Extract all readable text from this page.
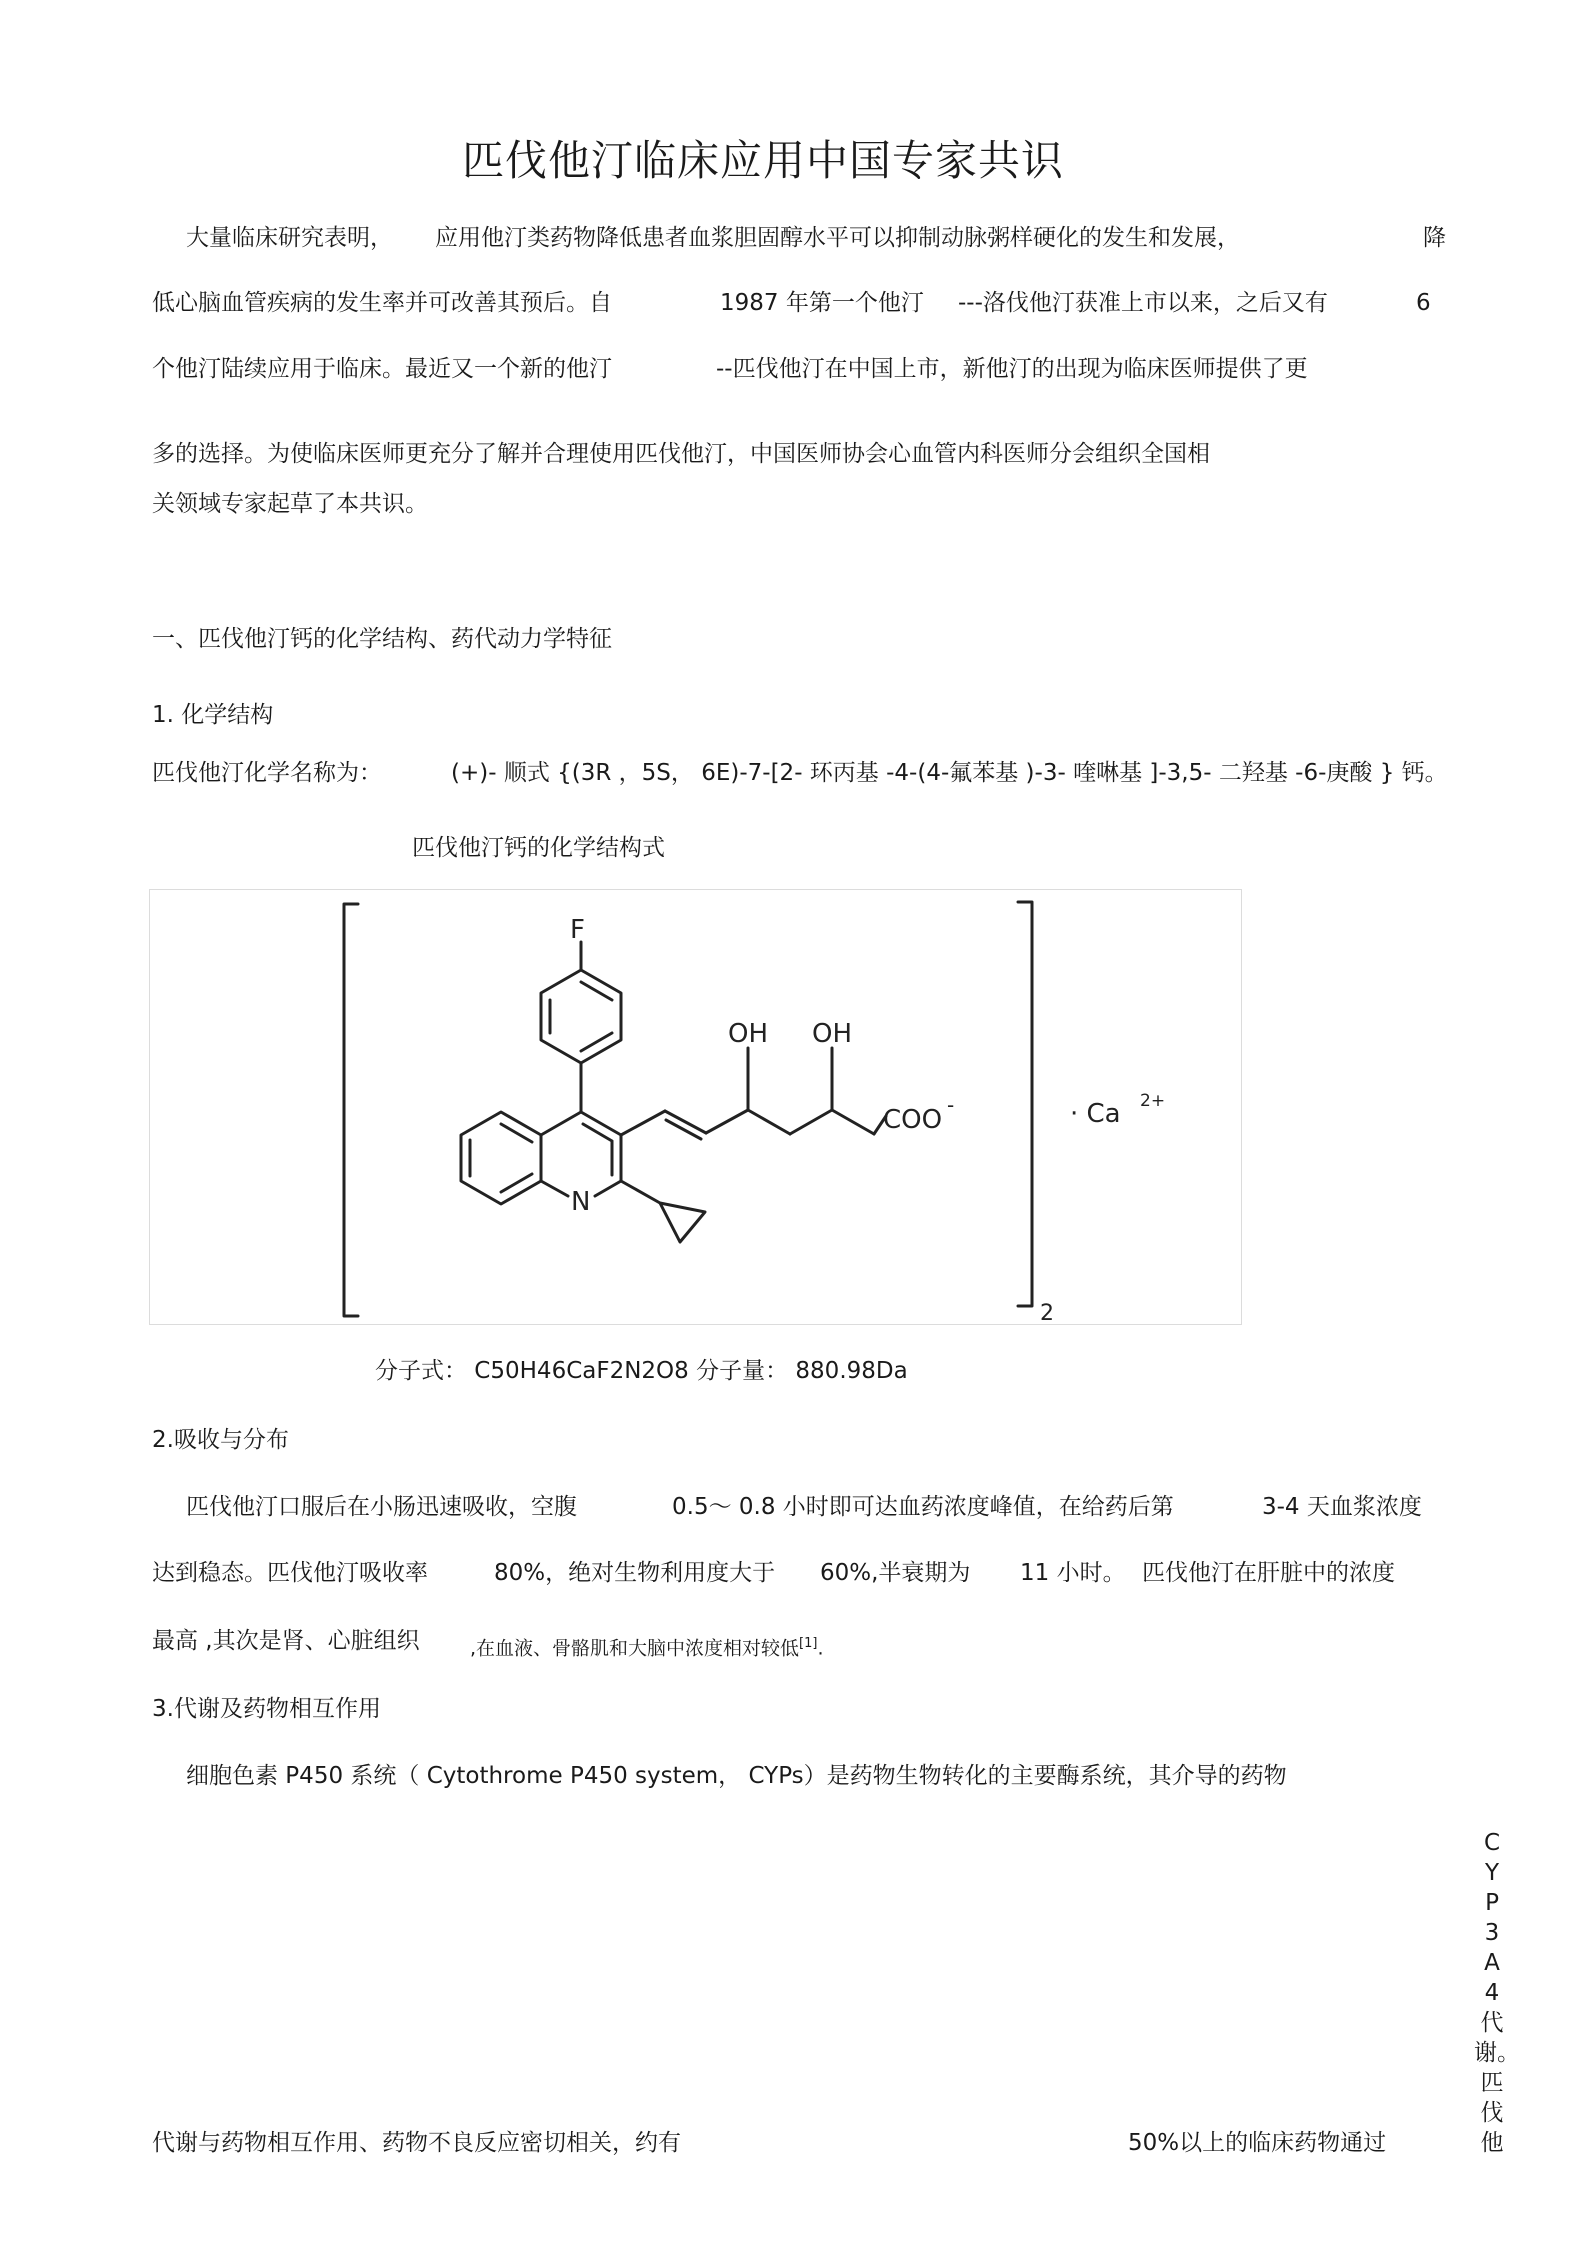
匹伐他汀临床应用中国专家共识
大量临床研究表明， 应用他汀类药物降低患者血浆胆固醇水平可以抑制动脉粥样硬化的发生和发展，	降
低心脑血管疾病的发生率并可改善其预后。自	1987 年第一个他汀 ---洛伐他汀获准上市以来，之后又有	6
个他汀陆续应用于临床。最近又一个新的他汀	--匹伐他汀在中国上市，新他汀的出现为临床医师提供了更
多的选择。为使临床医师更充分了解并合理使用匹伐他汀，中国医师协会心血管内科医师分会组织全国相
关领域专家起草了本共识。
一、匹伐他汀钙的化学结构、药代动力学特征
1. 化学结构
匹伐他汀化学名称为：	(+)- 顺式 {(3R ，5S， 6E)-7-[2- 环丙基 -4-(4-氟苯基 )-3- 喹啉基 ]-3,5- 二羟基 -6-庚酸 } 钙。
匹伐他汀钙的化学结构式
F
OH OH
COO -	· Ca 2+
N
2
分子式： C50H46CaF2N2O8 分子量： 880.98Da
2.吸收与分布
匹伐他汀口服后在小肠迅速吸收，空腹	0.5～ 0.8 小时即可达血药浓度峰值，在给药后第	3-4 天血浆浓度
达到稳态。匹伐他汀吸收率	80%，绝对生物利用度大于 60%,半衰期为 11 小时。 匹伐他汀在肝脏中的浓度
最高 ,其次是肾、心脏组织	,在血液、骨骼肌和大脑中浓度相对较低[1].
3.代谢及药物相互作用
细胞色素 P450 系统（ Cytothrome P450 system， CYPs）是药物生物转化的主要酶系统，其介导的药物
C
Y
P
3
A
4
代
谢。
匹
伐
他
代谢与药物相互作用、药物不良反应密切相关，约有	50%以上的临床药物通过
